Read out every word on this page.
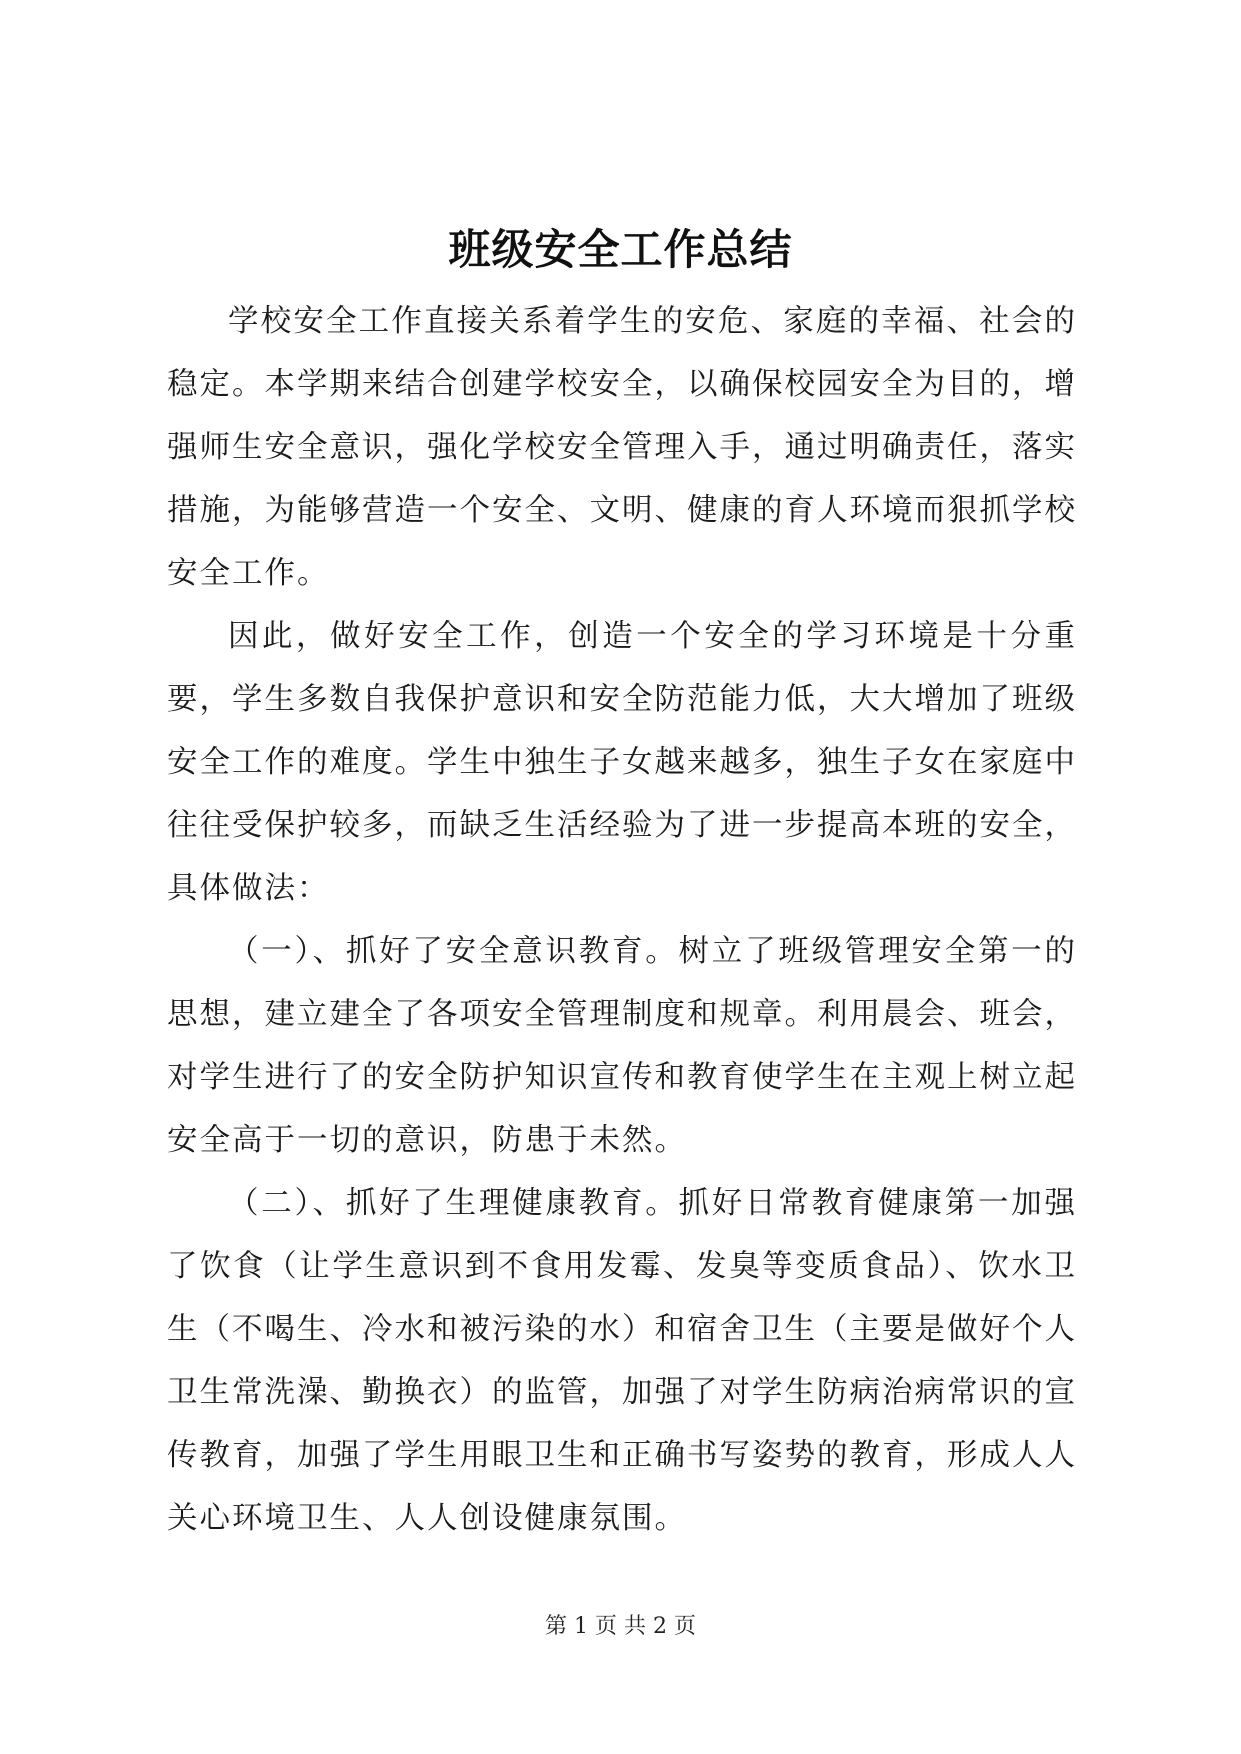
班级安全工作总结

学校安全工作直接关系着学生的安危、家庭的幸福、社会的稳定。本学期来结合创建学校安全，以确保校园安全为目的，增强师生安全意识，强化学校安全管理入手，通过明确责任，落实措施，为能够营造一个安全、文明、健康的育人环境而狠抓学校安全工作。

因此，做好安全工作，创造一个安全的学习环境是十分重要，学生多数自我保护意识和安全防范能力低，大大增加了班级安全工作的难度。学生中独生子女越来越多，独生子女在家庭中往往受保护较多，而缺乏生活经验为了进一步提高本班的安全，具体做法：

（一）、抓好了安全意识教育。树立了班级管理安全第一的思想，建立建全了各项安全管理制度和规章。利用晨会、班会，对学生进行了的安全防护知识宣传和教育使学生在主观上树立起安全高于一切的意识，防患于未然。

（二）、抓好了生理健康教育。抓好日常教育健康第一加强了饮食（让学生意识到不食用发霉、发臭等变质食品）、饮水卫生（不喝生、冷水和被污染的水）和宿舍卫生（主要是做好个人卫生常洗澡、勤换衣）的监管，加强了对学生防病治病常识的宣传教育，加强了学生用眼卫生和正确书写姿势的教育，形成人人关心环境卫生、人人创设健康氛围。

第 1 页 共 2 页
